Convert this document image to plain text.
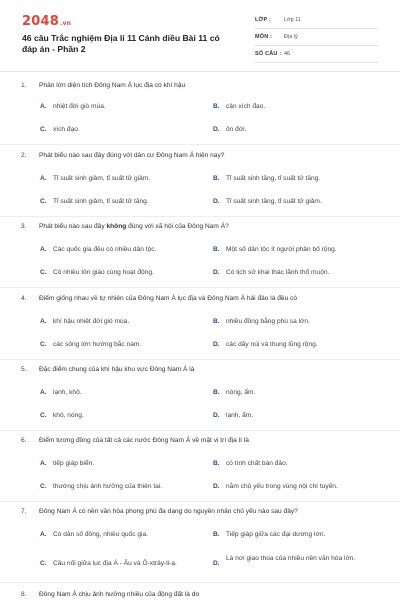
2048.vn
46 câu Trắc nghiệm Địa lí 11 Cánh diều Bài 11 có đáp án - Phần 2
LỚP : Lớp 11
MÔN : Địa lý
SỐ CÂU : 46
1. Phần lớn diện tích Đông Nam Á lục địa có khí hậu
A. nhiệt đới gió mùa.	B. cận xích đạo.
C. xích đạo.	D. ôn đới.
2. Phát biểu nào sau đây đúng với dân cư Đông Nam Á hiện nay?
A. Tỉ suất sinh giảm, tỉ suất tử giảm.	B. Tỉ suất sinh tăng, tỉ suất tử tăng.
C. Tỉ suất sinh giảm, tỉ suất tử tăng.	D. Tỉ suất sinh tăng, tỉ suất tử giảm.
3. Phát biểu nào sau đây không đúng với xã hội của Đông Nam Á?
A. Các quốc gia đều có nhiều dân tộc.	B. Một số dân tộc ít người phân bố rộng.
C. Có nhiều tôn giáo cùng hoạt động.	D. Có lịch sử khai thác lãnh thổ muộn.
4. Điểm giống nhau về tự nhiên của Đông Nam Á lục địa và Đông Nam Á hải đảo là đều có
A. khí hậu nhiệt đới gió mùa.	B. nhiều đồng bằng phù sa lớn.
C. các sông lớn hướng bắc nam.	D. các dãy núi và thung lũng rộng.
5. Đặc điểm chung của khí hậu khu vực Đông Nam Á là
A. lạnh, khô.	B. nóng, ẩm.
C. khô, nóng.	D. lạnh, ẩm.
6. Điểm tương đồng của tất cả các nước Đông Nam Á về mặt vị trí địa lí là
A. tiếp giáp biển.	B. có tính chất bán đảo.
C. thường chịu ảnh hưởng của thiên tai.	D. nằm chủ yếu trong vùng nội chí tuyến.
7. Đông Nam Á có nền văn hóa phong phú đa dạng do nguyên nhân chủ yếu nào sau đây?
A. Có dân số đông, nhiều quốc gia.	B. Tiếp giáp giữa các đại dương lớn.
C. Cầu nối giữa lục địa Á - Âu và Ô-xtrây-li-a.	D.
Là nơi giao thoa của nhiều nền văn hóa lớn.
8. Đông Nam Á chịu ảnh hưởng nhiều của động đất là do
